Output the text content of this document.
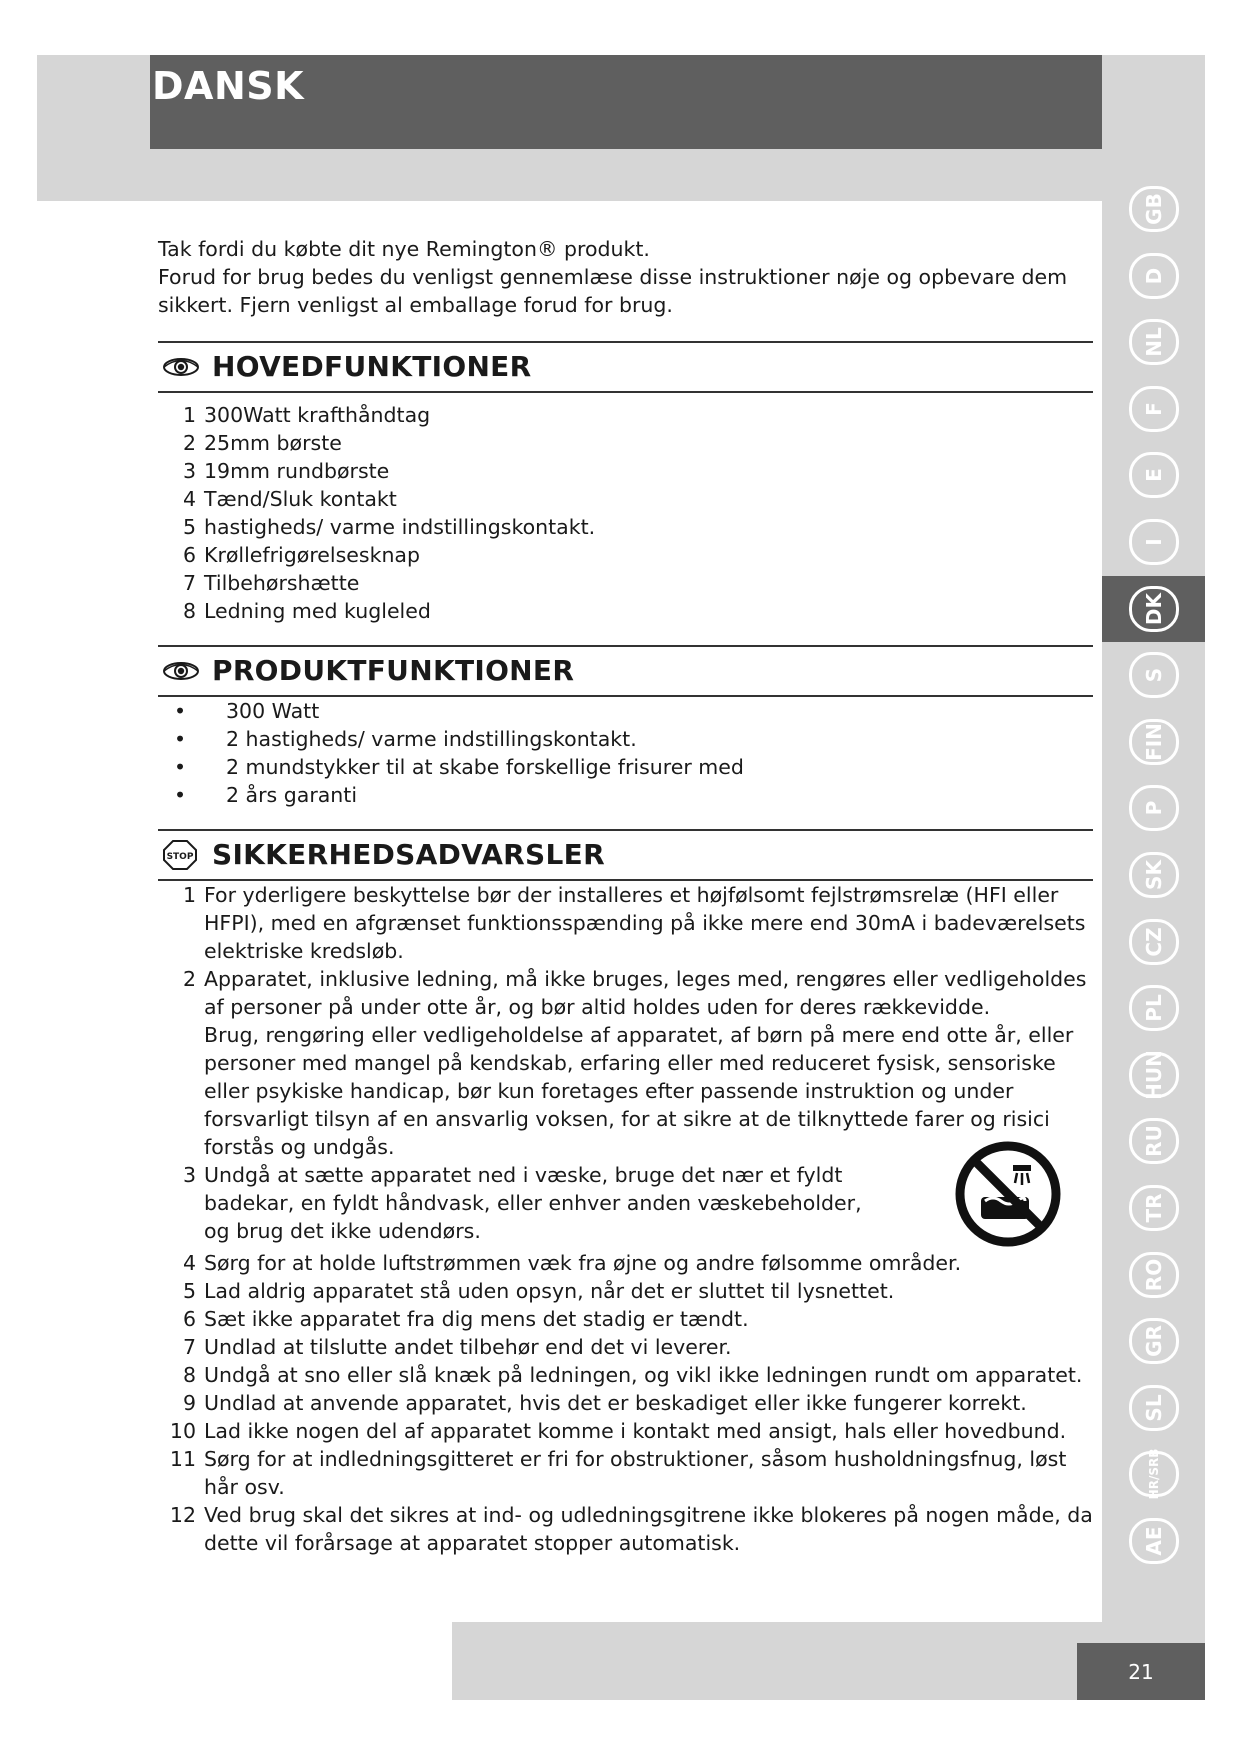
DANSK
21
GB
D
NL
F
E
I
DK
S
FIN
P
SK
CZ
PL
HUN
RU
TR
RO
GR
SL
HR/SRB
AE

Tak fordi du købte dit nye Remington® produkt.

Forud for brug bedes du venligst gennemlæse disse instruktioner nøje og opbevare dem sikkert. Fjern venligst al emballage forud for brug.

HOVEDFUNKTIONER
1 300Watt krafthåndtag
2 25mm børste
3 19mm rundbørste
4 Tænd/Sluk kontakt
5 hastigheds/ varme indstillingskontakt.
6 Krøllefrigørelsesknap
7 Tilbehørshætte
8 Ledning med kugleled
PRODUKTFUNKTIONER
•	300 Watt
•	2 hastigheds/ varme indstillingskontakt.
•	2 mundstykker til at skabe forskellige frisurer med
•	2 års garanti
STOP SIKKERHEDSADVARSLER
1 For yderligere beskyttelse bør der installeres et højfølsomt fejlstrømsrelæ (HFI eller HFPI), med en afgrænset funktionsspænding på ikke mere end 30mA i badeværelsets elektriske kredsløb.
2 Apparatet, inklusive ledning, må ikke bruges, leges med, rengøres eller vedligeholdes af personer på under otte år, og bør altid holdes uden for deres rækkevidde.
Brug, rengøring eller vedligeholdelse af apparatet, af børn på mere end otte år, eller personer med mangel på kendskab, erfaring eller med reduceret fysisk, sensoriske eller psykiske handicap, bør kun foretages efter passende instruktion og under forsvarligt tilsyn af en ansvarlig voksen, for at sikre at de tilknyttede farer og risici forstås og undgås.
3 Undgå at sætte apparatet ned i væske, bruge det nær et fyldt badekar, en fyldt håndvask, eller enhver anden væskebeholder, og brug det ikke udendørs.
4 Sørg for at holde luftstrømmen væk fra øjne og andre følsomme områder.
5 Lad aldrig apparatet stå uden opsyn, når det er sluttet til lysnettet.
6 Sæt ikke apparatet fra dig mens det stadig er tændt.
7 Undlad at tilslutte andet tilbehør end det vi leverer.
8 Undgå at sno eller slå knæk på ledningen, og vikl ikke ledningen rundt om apparatet.
9 Undlad at anvende apparatet, hvis det er beskadiget eller ikke fungerer korrekt.
10 Lad ikke nogen del af apparatet komme i kontakt med ansigt, hals eller hovedbund.
11 Sørg for at indledningsgitteret er fri for obstruktioner, såsom husholdningsfnug, løst hår osv.
12 Ved brug skal det sikres at ind- og udledningsgitrene ikke blokeres på nogen måde, da dette vil forårsage at apparatet stopper automatisk.
